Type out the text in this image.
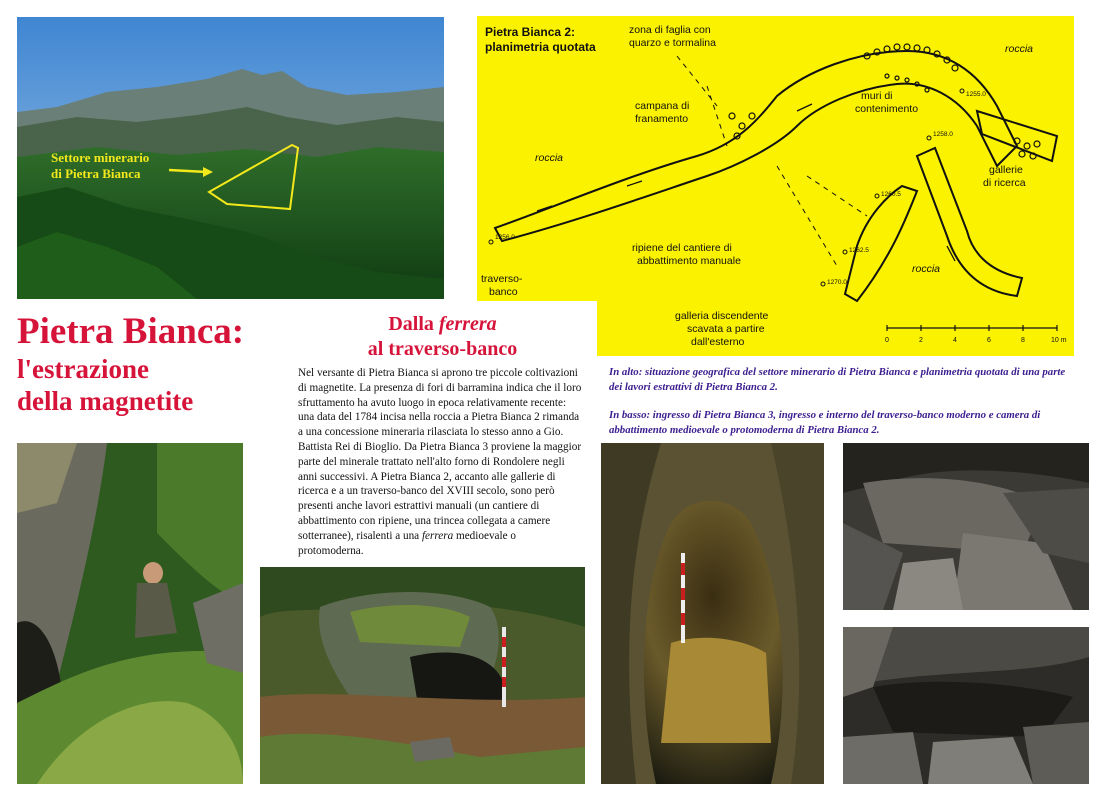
Settore minerario
di Pietra Bianca
0	2	4	6	8	10 m
1256.0
1255.0
1258.0
1260.5
1262.5
1270.0
Pietra Bianca 2:
planimetria quotata
zona di faglia con
quarzo e tormalina	roccia
campana di
franamento
muri di
contenimento
roccia
gallerie
di ricerca
ripiene del cantiere di
abbattimento manuale
roccia
traverso-
banco
galleria discendente
scavata a partire
dall'esterno
Pietra Bianca:
l'estrazione
della magnetite
Dalla ferrera
al traverso-banco
Nel versante di Pietra Bianca si aprono tre piccole coltivazioni di magnetite. La presenza di fori di barramina indica che il loro sfruttamento ha avuto luogo in epoca relativamente recente: una data del 1784 incisa nella roccia a Pietra Bianca 2 rimanda a una concessione mineraria rilasciata lo stesso anno a Gio. Battista Rei di Bioglio. Da Pietra Bianca 3 proviene la maggior parte del minerale trattato nell'alto forno di Rondolere negli anni successivi. A Pietra Bianca 2, accanto alle gallerie di ricerca e a un traverso-banco del XVIII secolo, sono però presenti anche lavori estrattivi manuali (un cantiere di abbattimento con ripiene, una trincea collegata a camere sotterranee), risalenti a una ferrera medioevale o protomoderna.

In alto: situazione geografica del settore minerario di Pietra Bianca e planimetria quotata di una parte dei lavori estrattivi di Pietra Bianca 2.

In basso: ingresso di Pietra Bianca 3, ingresso e interno del traverso-banco moderno e camera di abbattimento medioevale o protomoderna di Pietra Bianca 2.
